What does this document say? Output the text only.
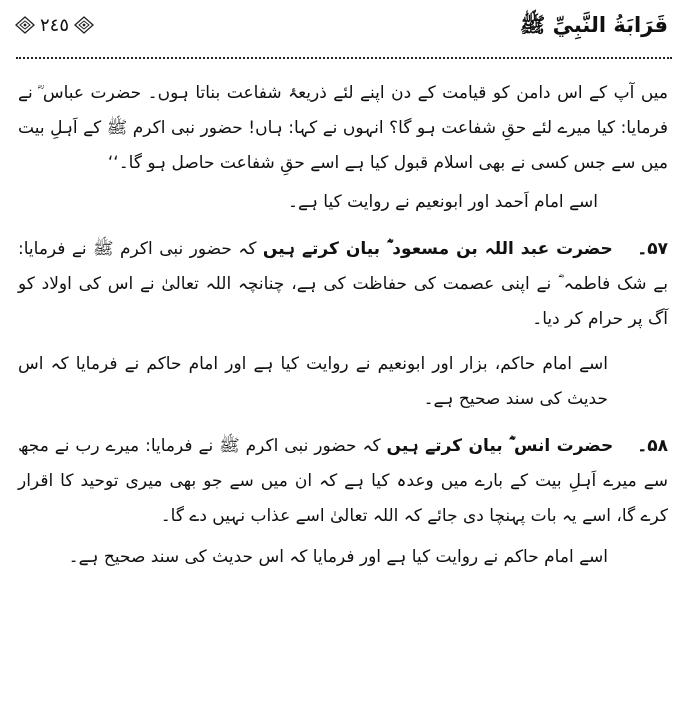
قَرَابَةُ النَّبِيِّ ﷺ
٢٤٥

میں آپ کے اس دامن کو قیامت کے دن اپنے لئے ذریعۂ شفاعت بناتا ہوں۔ حضرت عباس ؓ نے فرمایا: کیا میرے لئے حقِ شفاعت ہو گا؟ انہوں نے کہا: ہاں! حضور نبی اکرم ﷺ کے اَہلِ بیت میں سے جس کسی نے بھی اسلام قبول کیا ہے اسے حقِ شفاعت حاصل ہو گا۔‘‘

اسے امام اَحمد اور ابونعیم نے روایت کیا ہے۔

۵۷۔ حضرت عبد اللہ بن مسعود ؓ بیان کرتے ہیں کہ حضور نبی اکرم ﷺ نے فرمایا: بے شک فاطمہ ؓ نے اپنی عصمت کی حفاظت کی ہے، چنانچہ اللہ تعالیٰ نے اس کی اولاد کو آگ پر حرام کر دیا۔

اسے امام حاکم، بزار اور ابونعیم نے روایت کیا ہے اور امام حاکم نے فرمایا کہ اس حدیث کی سند صحیح ہے۔

۵۸۔ حضرت انس ؓ بیان کرتے ہیں کہ حضور نبی اکرم ﷺ نے فرمایا: میرے رب نے مجھ سے میرے اَہلِ بیت کے بارے میں وعدہ کیا ہے کہ ان میں سے جو بھی میری توحید کا اقرار کرے گا، اسے یہ بات پہنچا دی جائے کہ اللہ تعالیٰ اسے عذاب نہیں دے گا۔

اسے امام حاکم نے روایت کیا ہے اور فرمایا کہ اس حدیث کی سند صحیح ہے۔
